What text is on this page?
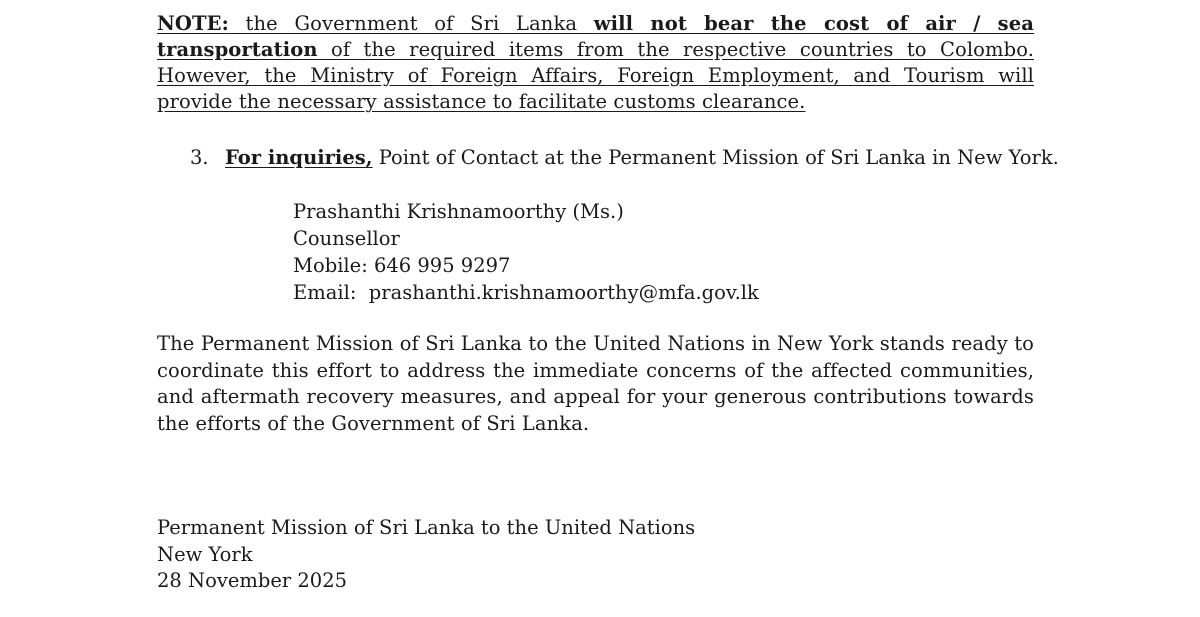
NOTE: the Government of Sri Lanka will not bear the cost of air / sea transportation of the required items from the respective countries to Colombo. However, the Ministry of Foreign Affairs, Foreign Employment, and Tourism will provide the necessary assistance to facilitate customs clearance.

3. For inquiries, Point of Contact at the Permanent Mission of Sri Lanka in New York.
Prashanthi Krishnamoorthy (Ms.)
Counsellor
Mobile: 646 995 9297
Email:  prashanthi.krishnamoorthy@mfa.gov.lk

The Permanent Mission of Sri Lanka to the United Nations in New York stands ready to coordinate this effort to address the immediate concerns of the affected communities, and aftermath recovery measures, and appeal for your generous contributions towards the efforts of the Government of Sri Lanka.

Permanent Mission of Sri Lanka to the United Nations
New York
28 November 2025
